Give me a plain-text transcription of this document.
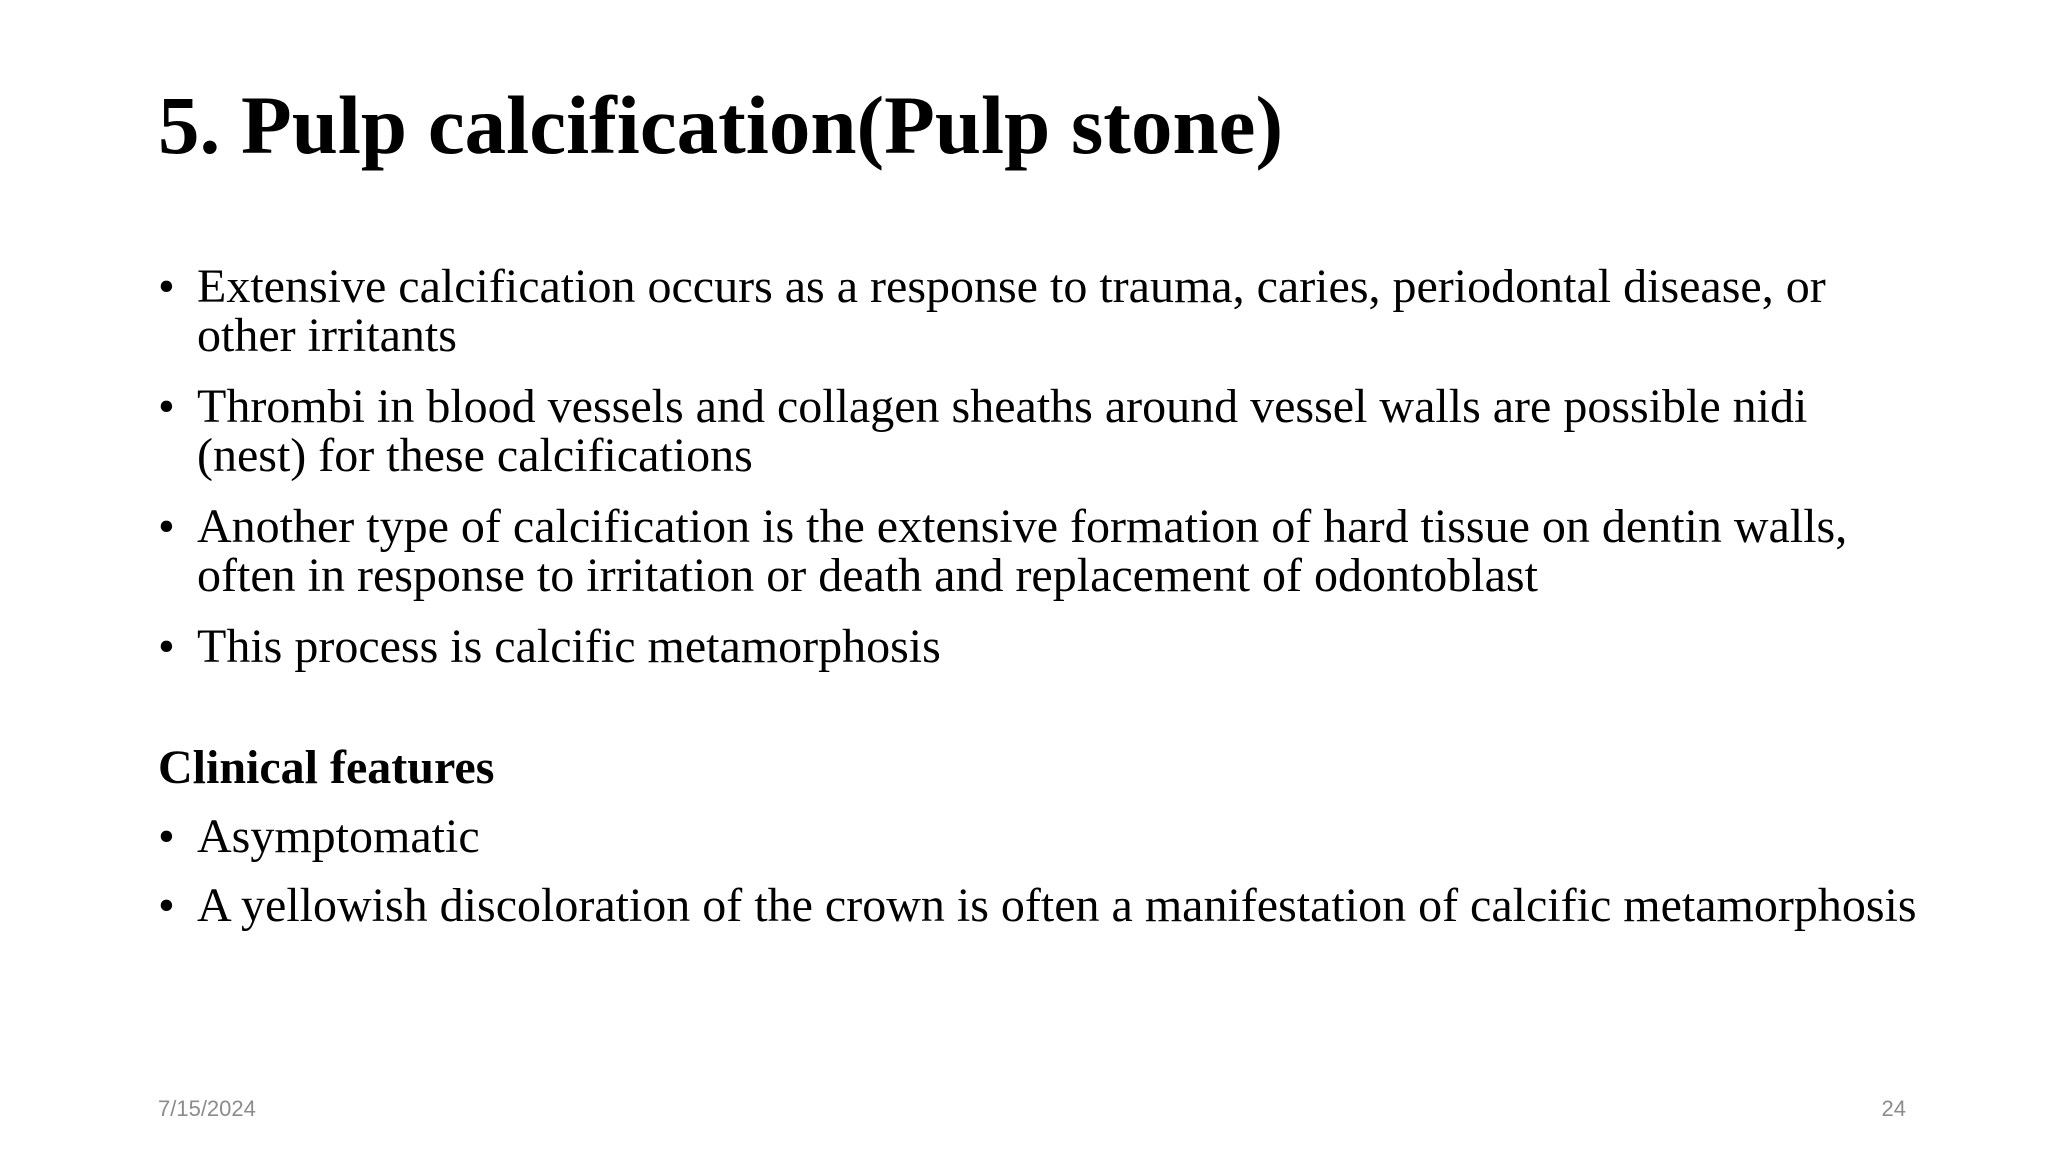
5. Pulp calcification(Pulp stone)
• Extensive calcification occurs as a response to trauma, caries, periodontal disease, or other irritants
• Thrombi in blood vessels and collagen sheaths around vessel walls are possible nidi (nest) for these calcifications
• Another type of calcification is the extensive formation of hard tissue on dentin walls, often in response to irritation or death and replacement of odontoblast
• This process is calcific metamorphosis
Clinical features
• Asymptomatic
• A yellowish discoloration of the crown is often a manifestation of calcific metamorphosis
7/15/2024	24
